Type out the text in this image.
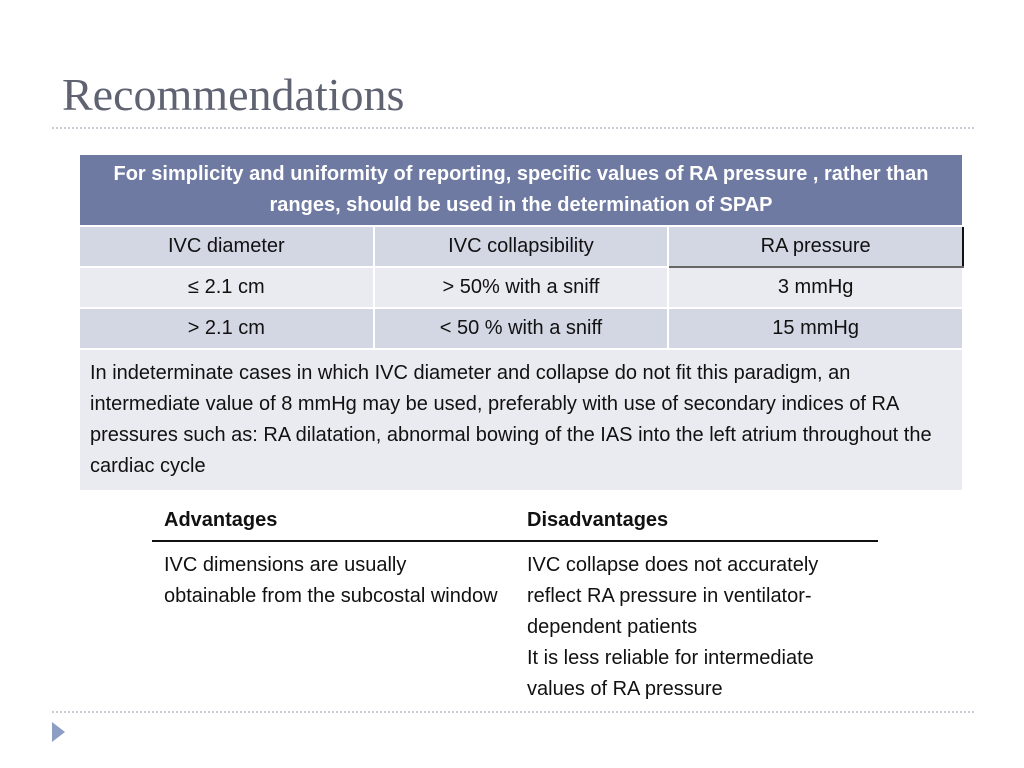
Recommendations
For simplicity and uniformity of reporting, specific values of RA pressure , rather than ranges, should be used in the determination of SPAP		
IVC diameter	IVC collapsibility	RA pressure
≤ 2.1 cm	> 50% with a sniff	3 mmHg
> 2.1 cm	< 50 % with a sniff	15 mmHg
In indeterminate cases in which IVC diameter and collapse do not fit this paradigm, an intermediate value of 8 mmHg may be used, preferably with use of secondary indices of RA pressures such as: RA dilatation, abnormal bowing of the IAS into the left atrium throughout the cardiac cycle		
Advantages	Disadvantages

IVC dimensions are usually obtainable from the subcostal window	IVC collapse does not accurately reflect RA pressure in ventilator-dependent patients
It is less reliable for intermediate values of RA pressure
